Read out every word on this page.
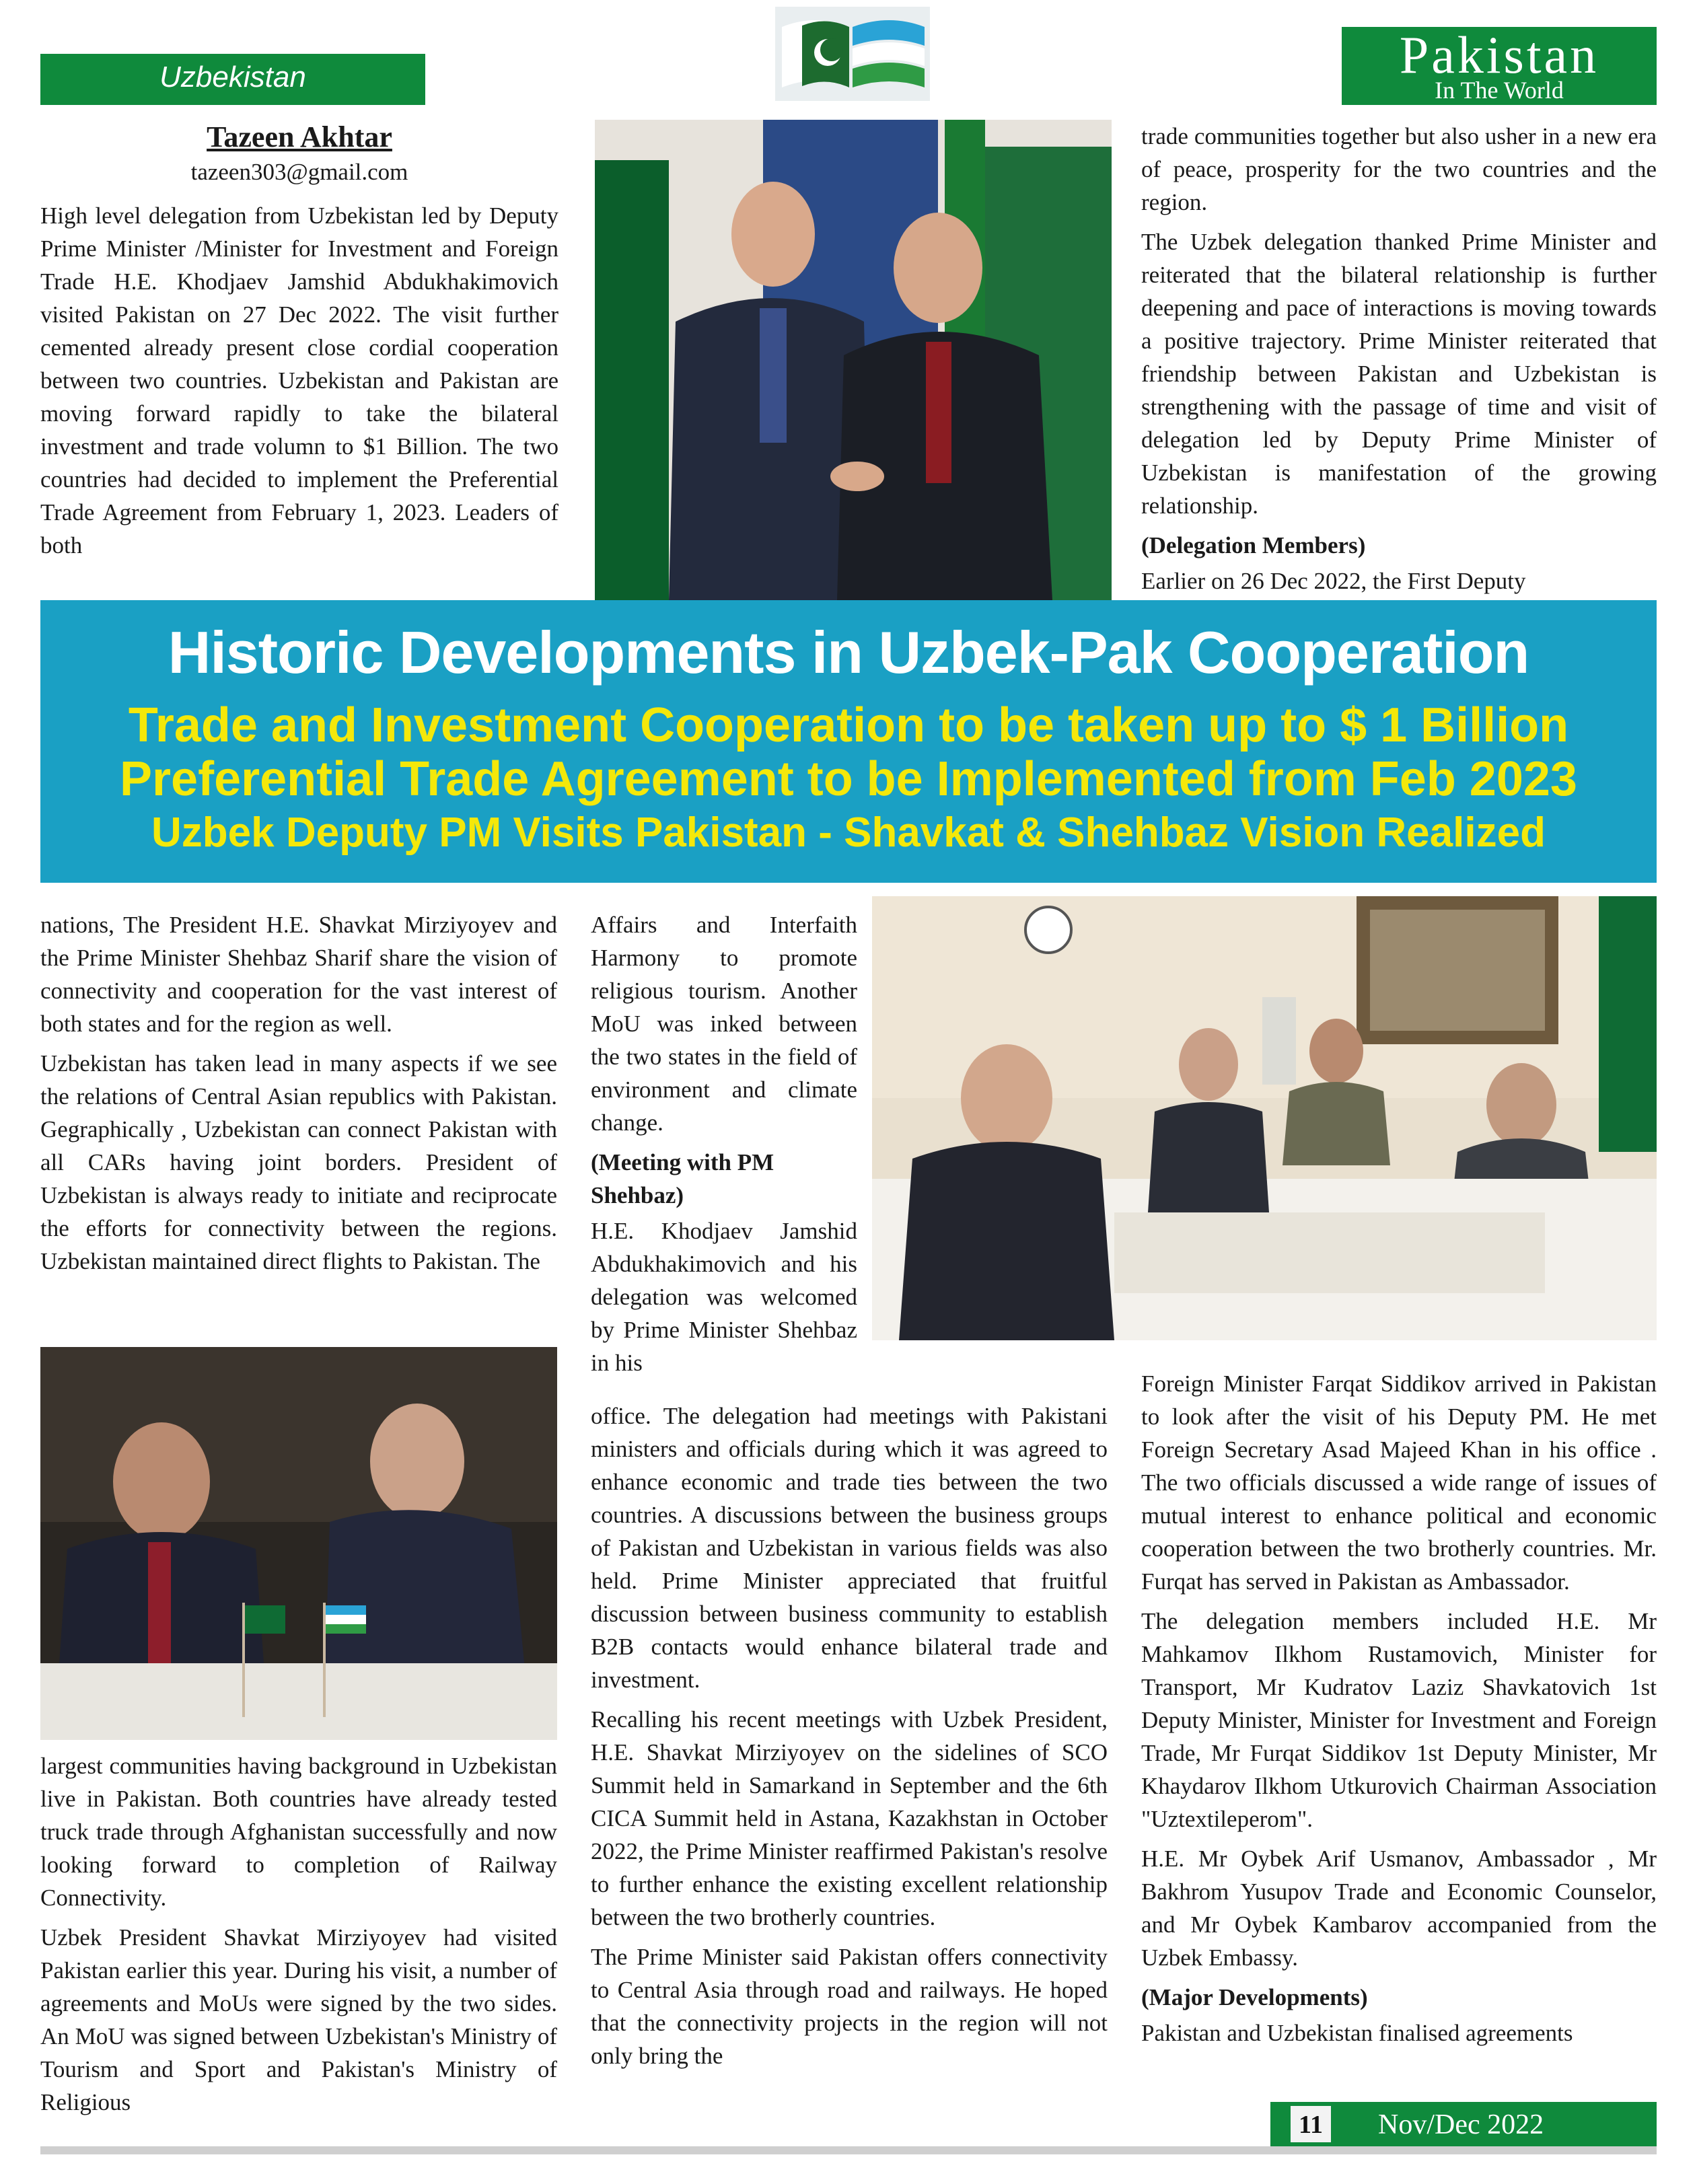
Uzbekistan	Pakistan
In The World
Tazeen Akhtar
tazeen303@gmail.com

High level delegation from Uzbekistan led by Deputy Prime Minister /Minister for Investment and Foreign Trade H.E. Khodjaev Jamshid Abdukhakimovich visited Pakistan on 27 Dec 2022. The visit further cemented already present close cordial cooperation between two countries. Uzbekistan and Pakistan are moving forward rapidly to take the bilateral investment and trade volumn to $1 Billion. The two countries had decided to implement the Preferential Trade Agreement from February 1, 2023. Leaders of both

trade communities together but also usher in a new era of peace, prosperity for the two countries and the region.

The Uzbek delegation thanked Prime Minister and reiterated that the bilateral relationship is further deepening and pace of interactions is moving towards a positive trajectory. Prime Minister reiterated that friendship between Pakistan and Uzbekistan is strengthening with the passage of time and visit of delegation led by Deputy Prime Minister of Uzbekistan is manifestation of the growing relationship.

(Delegation Members)

Earlier on 26 Dec 2022, the First Deputy

Historic Developments in Uzbek-Pak Cooperation
Trade and Investment Cooperation to be taken up to $ 1 Billion
Preferential Trade Agreement to be Implemented from Feb 2023
Uzbek Deputy PM Visits Pakistan - Shavkat & Shehbaz Vision Realized

nations, The President H.E. Shavkat Mirziyoyev and the Prime Minister Shehbaz Sharif share the vision of connectivity and cooperation for the vast interest of both states and for the region as well.

Uzbekistan has taken lead in many aspects if we see the relations of Central Asian republics with Pakistan. Gegraphically , Uzbekistan can connect Pakistan with all CARs having joint borders. President of Uzbekistan is always ready to initiate and reciprocate the efforts for connectivity between the regions. Uzbekistan maintained direct flights to Pakistan. The

largest communities having background in Uzbekistan live in Pakistan. Both countries have already tested truck trade through Afghanistan successfully and now looking forward to completion of Railway Connectivity.

Uzbek President Shavkat Mirziyoyev had visited Pakistan earlier this year. During his visit, a number of agreements and MoUs were signed by the two sides. An MoU was signed between Uzbekistan's Ministry of Tourism and Sport and Pakistan's Ministry of Religious

Affairs and Interfaith Harmony to promote religious tourism. Another MoU was inked between the two states in the field of environment and climate change.

(Meeting with PM Shehbaz)

H.E. Khodjaev Jamshid Abdukhakimovich and his delegation was welcomed by Prime Minister Shehbaz in his

office. The delegation had meetings with Pakistani ministers and officials during which it was agreed to enhance economic and trade ties between the two countries. A discussions between the business groups of Pakistan and Uzbekistan in various fields was also held. Prime Minister appreciated that fruitful discussion between business community to establish B2B contacts would enhance bilateral trade and investment.

Recalling his recent meetings with Uzbek President, H.E. Shavkat Mirziyoyev on the sidelines of SCO Summit held in Samarkand in September and the 6th CICA Summit held in Astana, Kazakhstan in October 2022, the Prime Minister reaffirmed Pakistan's resolve to further enhance the existing excellent relationship between the two brotherly countries.

The Prime Minister said Pakistan offers connectivity to Central Asia through road and railways. He hoped that the connectivity projects in the region will not only bring the

Foreign Minister Farqat Siddikov arrived in Pakistan to look after the visit of his Deputy PM. He met Foreign Secretary Asad Majeed Khan in his office . The two officials discussed a wide range of issues of mutual interest to enhance political and economic cooperation between the two brotherly countries. Mr. Furqat has served in Pakistan as Ambassador.

The delegation members included H.E. Mr Mahkamov Ilkhom Rustamovich, Minister for Transport, Mr Kudratov Laziz Shavkatovich 1st Deputy Minister, Minister for Investment and Foreign Trade, Mr Furqat Siddikov 1st Deputy Minister, Mr Khaydarov Ilkhom Utkurovich Chairman Association "Uztextileperom".

H.E. Mr Oybek Arif Usmanov, Ambassador , Mr Bakhrom Yusupov Trade and Economic Counselor, and Mr Oybek Kambarov accompanied from the Uzbek Embassy.

(Major Developments)

Pakistan and Uzbekistan finalised agreements

11 Nov/Dec 2022
